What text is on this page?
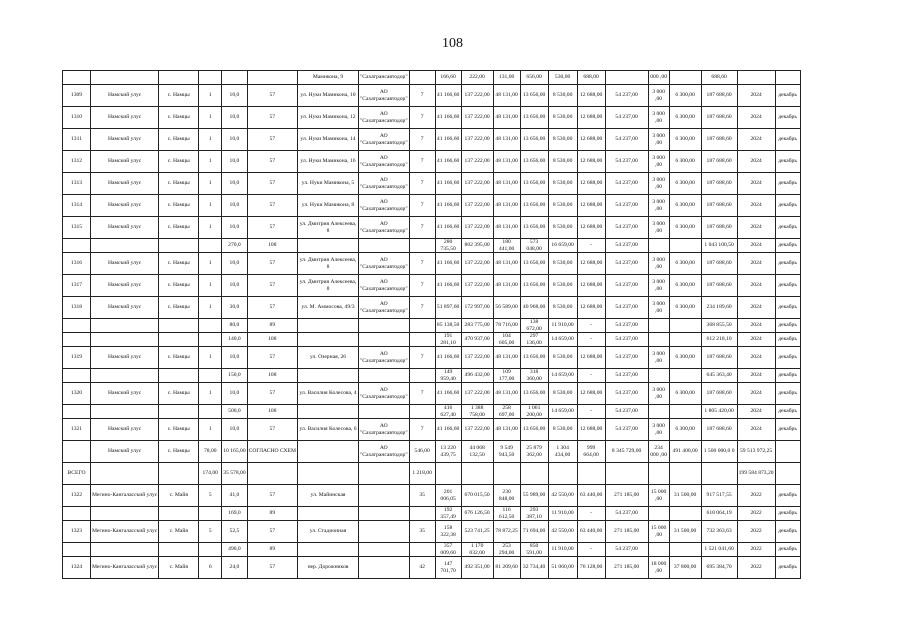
108
						Мамикона, 9	"Сахатрансавтодор"		166,60	222,00	131,00	656,00	530,00	688,00		000 ,00		688,60		
1309	Намский улус	с. Намцы	1	10,0	57	ул. Нуки Мамикона, 10	АО "Сахатрансавтодор"	7	41 166,60	137 222,00	48 131,00	13 656,00	8 530,00	12 688,00	54 237,00	3 000 ,00	6 300,00	187 688,60	2024	декабрь
1310	Намский улус	с. Намцы	1	10,0	57	ул. Нуки Мамикона, 12	АО "Сахатрансавтодор"	7	41 166,60	137 222,00	48 131,00	13 656,00	8 530,00	12 688,00	54 237,00	3 000 ,00	6 300,00	187 688,60	2024	декабрь
1311	Намский улус	с. Намцы	1	10,0	57	ул. Нуки Мамикона, 14	АО "Сахатрансавтодор"	7	41 166,60	137 222,00	48 131,00	13 656,00	8 530,00	12 688,00	54 237,00	3 000 ,00	6 300,00	187 688,60	2024	декабрь
1312	Намский улус	с. Намцы	1	10,0	57	ул. Нуки Мамикона, 16	АО "Сахатрансавтодор"	7	41 166,60	137 222,00	48 131,00	13 656,00	8 530,00	12 688,00	54 237,00	3 000 ,00	6 300,00	187 688,60	2024	декабрь
1313	Намский улус	с. Намцы	1	10,0	57	ул. Нуки Мамикона, 5	АО "Сахатрансавтодор"	7	41 166,60	137 222,00	48 131,00	13 656,00	8 530,00	12 688,00	54 237,00	3 000 ,00	6 300,00	187 688,60	2024	декабрь
1314	Намский улус	с. Намцы	1	10,0	57	ул. Нуки Мамикона, 8	АО "Сахатрансавтодор"	7	41 166,60	137 222,00	48 131,00	13 656,00	8 530,00	12 688,00	54 237,00	3 000 ,00	6 300,00	187 688,60	2024	декабрь
1315	Намский улус	с. Намцы	1	10,0	57	ул. Дмитрия Алексеева, 8	АО "Сахатрансавтодор"	7	41 166,60	137 222,00	48 131,00	13 656,00	8 530,00	12 688,00	54 237,00	3 000 ,00	6 300,00	187 688,60	2024	декабрь
				270,0	108				280 735,50	802 395,00	180 441,00	573 048,00	16 659,00	-	54 237,00			1 043 100,50	2024	декабрь
1316	Намский улус	с. Намцы	1	10,0	57	ул. Дмитрия Алексеева, 8	АО "Сахатрансавтодор"	7	41 166,60	137 222,00	48 131,00	13 656,00	8 530,00	12 688,00	54 237,00	3 000 ,00	6 300,00	187 688,60	2024	декабрь
1317	Намский улус	с. Намцы	1	10,0	57	ул. Дмитрия Алексеева, 8	АО "Сахатрансавтодор"	7	41 166,60	137 222,00	48 131,00	13 656,00	8 530,00	12 688,00	54 237,00	3 000 ,00	6 300,00	187 688,60	2024	декабрь
1318	Намский улус	с. Намцы	1	30,0	57	ул. М. Аммосова, 49/3	АО "Сахатрансавтодор"	7	51 897,60	172 997,00	56 589,00	40 968,00	8 530,00	12 688,00	54 237,00	3 000 ,00	6 300,00	234 189,60	2024	декабрь
				80,0	89				85 138,50	283 775,00	78 716,00	138 672,00	11 910,00	-	54 237,00			368 855,50	2024	декабрь
				140,0	108				191 281,10	470 937,00	104 605,00	297 136,00	14 659,00	-	54 237,00			612 218,10	2024	декабрь
1319	Намский улус	с. Намцы	1	10,0	57	ул. Озерная, 26	АО "Сахатрансавтодор"	7	41 166,60	137 222,00	48 131,00	13 656,00	8 530,00	12 688,00	54 237,00	3 000 ,00	6 300,00	187 688,60	2024	декабрь
				150,0	108				149 959,40	496 432,00	109 177,00	318 360,00	14 659,00	-	54 237,00			645 363,40	2024	декабрь
1320	Намский улус	с. Намцы	1	10,0	57	ул. Василия Колесова, 4	АО "Сахатрансавтодор"	7	41 166,60	137 222,00	48 131,00	13 656,00	8 530,00	12 688,00	54 237,00	3 000 ,00	6 300,00	187 688,60	2024	декабрь
				500,0	108				416 627,40	1 388 758,00	258 697,00	1 061 200,00	14 659,00	-	54 237,00			1 805 420,00	2024	декабрь
1321	Намский улус	с. Намцы	1	10,0	57	ул. Василия Колесова, 6	АО "Сахатрансавтодор"	7	41 166,60	137 222,00	48 131,00	13 656,00	8 530,00	12 688,00	54 237,00	3 000 ,00	6 300,00	187 688,60	2024	декабрь
	Намский улус	с. Намцы	78,00	10 165,00	СОГЛАСНО СХЕМ		АО "Сахатрансавтодор"	546,00	13 220 439,75	44 068 132,50	9 549 943,50	25 879 362,00	1 304 434,00	999 664,00	8 345 729,00	234 000 ,00	491 400,00	1 500 000,0 0	59 513 972,25	
ВСЕГО			174,00	35 578,00				1 218,00											199 584 873,20	
1322	Мегино-Кангаласский улус	с. Майя	5	41,0	57	ул. Майинская		35	201 006,05	670 015,50	230 848,00	55 989,00	42 550,00	63 440,00	271 185,00	15 000 ,00	31 500,00	917 517,55	2022	декабрь
				169,0	89				192 357,49	676 126,50	116 612,50	293 387,10	11 910,00	-	54 237,00			618 064,19	2022	декабрь
1323	Мегино-Кангаласский улус	с. Майя	5	52,5	57	ул. Стадионная		35	158 322,38	523 741,25	78 872,25	71 694,00	42 550,00	63 440,00	271 185,00	15 000 ,00	31 500,00	732 363,63	2022	декабрь
				490,0	89				357 009,60	1 170 032,00	253 294,00	850 591,00	11 910,00	-	54 237,00			1 521 041,60	2022	декабрь
1324	Мегино-Кангаласский улус	с. Майя	6	24,0	57	пер. Дорожников		42	147 701,70	492 351,00	81 209,60	32 734,40	51 060,00	76 128,00	271 185,00	18 000 ,00	37 800,00	695 384,70	2022	декабрь
